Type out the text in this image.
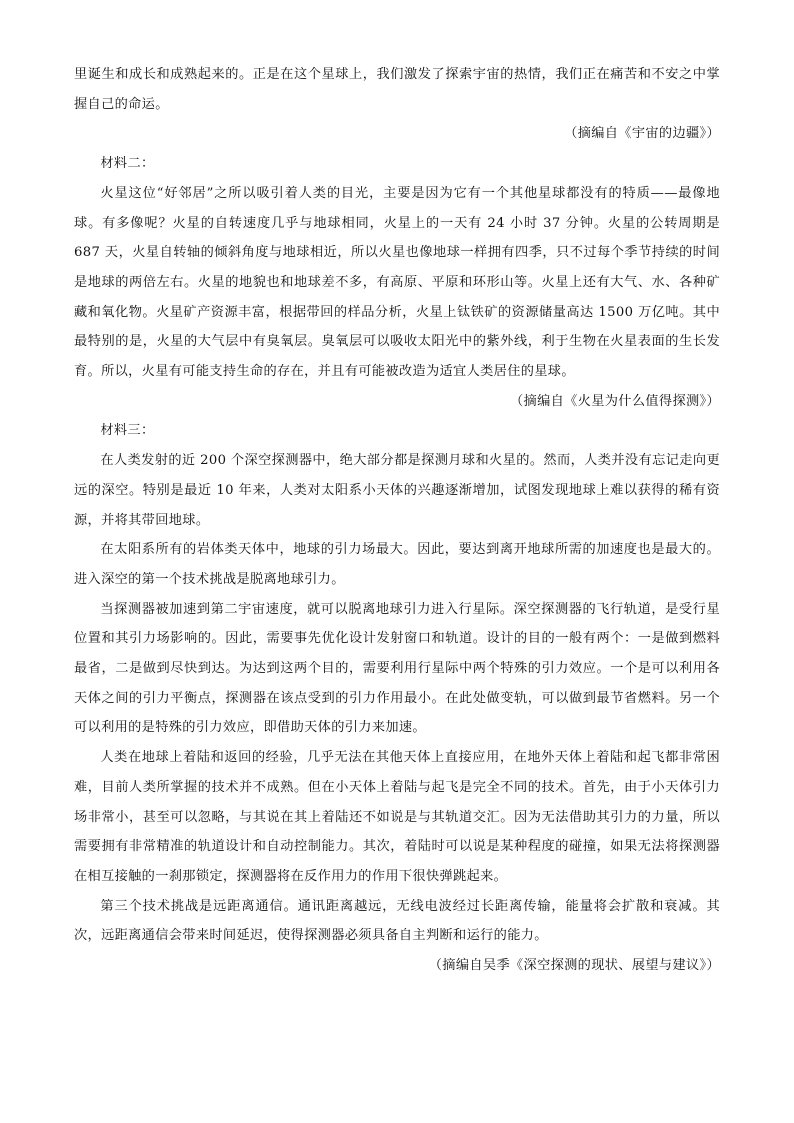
里诞生和成长和成熟起来的。正是在这个星球上，我们激发了探索宇宙的热情，我们正在痛苦和不安之中掌握自己的命运。

（摘编自《宇宙的边疆》）

材料二：

火星这位“好邻居”之所以吸引着人类的目光，主要是因为它有一个其他星球都没有的特质——最像地球。有多像呢？火星的自转速度几乎与地球相同，火星上的一天有 24 小时 37 分钟。火星的公转周期是687 天，火星自转轴的倾斜角度与地球相近，所以火星也像地球一样拥有四季，只不过每个季节持续的时间是地球的两倍左右。火星的地貌也和地球差不多，有高原、平原和环形山等。火星上还有大气、水、各种矿藏和氧化物。火星矿产资源丰富，根据带回的样品分析，火星上钛铁矿的资源储量高达 1500 万亿吨。其中最特别的是，火星的大气层中有臭氧层。臭氧层可以吸收太阳光中的紫外线，利于生物在火星表面的生长发育。所以，火星有可能支持生命的存在，并且有可能被改造为适宜人类居住的星球。

（摘编自《火星为什么值得探测》）

材料三：

在人类发射的近 200 个深空探测器中，绝大部分都是探测月球和火星的。然而，人类并没有忘记走向更远的深空。特别是最近 10 年来，人类对太阳系小天体的兴趣逐渐增加，试图发现地球上难以获得的稀有资源，并将其带回地球。

在太阳系所有的岩体类天体中，地球的引力场最大。因此，要达到离开地球所需的加速度也是最大的。进入深空的第一个技术挑战是脱离地球引力。

当探测器被加速到第二宇宙速度，就可以脱离地球引力进入行星际。深空探测器的飞行轨道，是受行星位置和其引力场影响的。因此，需要事先优化设计发射窗口和轨道。设计的目的一般有两个：一是做到燃料最省，二是做到尽快到达。为达到这两个目的，需要利用行星际中两个特殊的引力效应。一个是可以利用各天体之间的引力平衡点，探测器在该点受到的引力作用最小。在此处做变轨，可以做到最节省燃料。另一个可以利用的是特殊的引力效应，即借助天体的引力来加速。

人类在地球上着陆和返回的经验，几乎无法在其他天体上直接应用，在地外天体上着陆和起飞都非常困难，目前人类所掌握的技术并不成熟。但在小天体上着陆与起飞是完全不同的技术。首先，由于小天体引力场非常小，甚至可以忽略，与其说在其上着陆还不如说是与其轨道交汇。因为无法借助其引力的力量，所以需要拥有非常精准的轨道设计和自动控制能力。其次，着陆时可以说是某种程度的碰撞，如果无法将探测器在相互接触的一刹那锁定，探测器将在反作用力的作用下很快弹跳起来。

第三个技术挑战是远距离通信。通讯距离越远，无线电波经过长距离传输，能量将会扩散和衰减。其次，远距离通信会带来时间延迟，使得探测器必须具备自主判断和运行的能力。

（摘编自吴季《深空探测的现状、展望与建议》）
